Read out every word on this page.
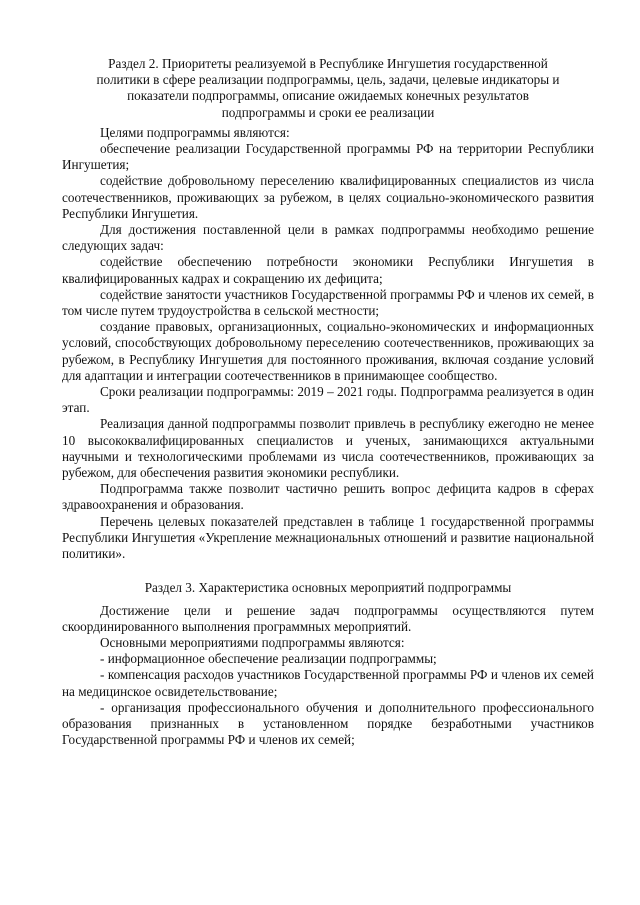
Раздел 2. Приоритеты реализуемой в Республике Ингушетия государственной
политики в сфере реализации подпрограммы, цель, задачи, целевые индикаторы и
показатели подпрограммы, описание ожидаемых конечных результатов
подпрограммы и сроки ее реализации

Целями подпрограммы являются:

обеспечение реализации Государственной программы РФ на территории Республики Ингушетия;

содействие добровольному переселению квалифицированных специалистов из числа соотечественников, проживающих за рубежом, в целях социально-экономического развития Республики Ингушетия.

Для достижения поставленной цели в рамках подпрограммы необходимо решение следующих задач:

содействие обеспечению потребности экономики Республики Ингушетия в квалифицированных кадрах и сокращению их дефицита;

содействие занятости участников Государственной программы РФ и членов их семей, в том числе путем трудоустройства в сельской местности;

создание правовых, организационных, социально-экономических и информационных условий, способствующих добровольному переселению соотечественников, проживающих за рубежом, в Республику Ингушетия для постоянного проживания, включая создание условий для адаптации и интеграции соотечественников в принимающее сообщество.

Сроки реализации подпрограммы: 2019 – 2021 годы. Подпрограмма реализуется в один этап.

Реализация данной подпрограммы позволит привлечь в республику ежегодно не менее 10 высококвалифицированных специалистов и ученых, занимающихся актуальными научными и технологическими проблемами из числа соотечественников, проживающих за рубежом, для обеспечения развития экономики республики.

Подпрограмма также позволит частично решить вопрос дефицита кадров в сферах здравоохранения и образования.

Перечень целевых показателей представлен в таблице 1 государственной программы Республики Ингушетия «Укрепление межнациональных отношений и развитие национальной политики».

Раздел 3. Характеристика основных мероприятий подпрограммы

Достижение цели и решение задач подпрограммы осуществляются путем скоординированного выполнения программных мероприятий.

Основными мероприятиями подпрограммы являются:

- информационное обеспечение реализации подпрограммы;

- компенсация расходов участников Государственной программы РФ и членов их семей на медицинское освидетельствование;

- организация профессионального обучения и дополнительного профессионального образования признанных в установленном порядке безработными участников Государственной программы РФ и членов их семей;
